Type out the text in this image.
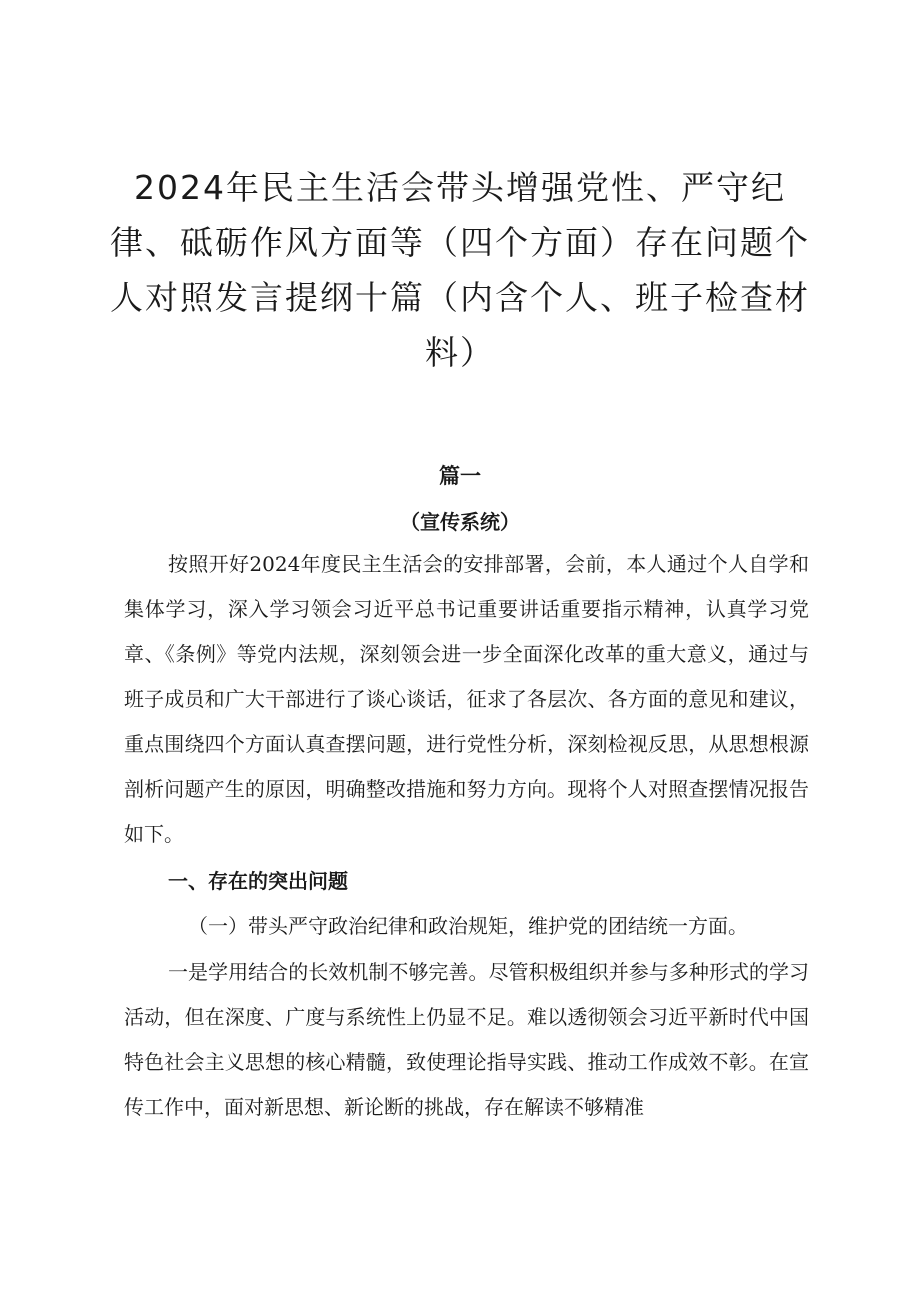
2024年民主生活会带头增强党性、严守纪律、砥砺作风方面等（四个方面）存在问题个人对照发言提纲十篇（内含个人、班子检查材料）
篇一
（宣传系统）

按照开好2024年度民主生活会的安排部署，会前，本人通过个人自学和集体学习，深入学习领会习近平总书记重要讲话重要指示精神，认真学习党章、《条例》等党内法规，深刻领会进一步全面深化改革的重大意义，通过与班子成员和广大干部进行了谈心谈话，征求了各层次、各方面的意见和建议，重点围绕四个方面认真查摆问题，进行党性分析，深刻检视反思，从思想根源剖析问题产生的原因，明确整改措施和努力方向。现将个人对照查摆情况报告如下。

一、存在的突出问题

（一）带头严守政治纪律和政治规矩，维护党的团结统一方面。

一是学用结合的长效机制不够完善。尽管积极组织并参与多种形式的学习活动，但在深度、广度与系统性上仍显不足。难以透彻领会习近平新时代中国特色社会主义思想的核心精髓，致使理论指导实践、推动工作成效不彰。在宣传工作中，面对新思想、新论断的挑战，存在解读不够精准
